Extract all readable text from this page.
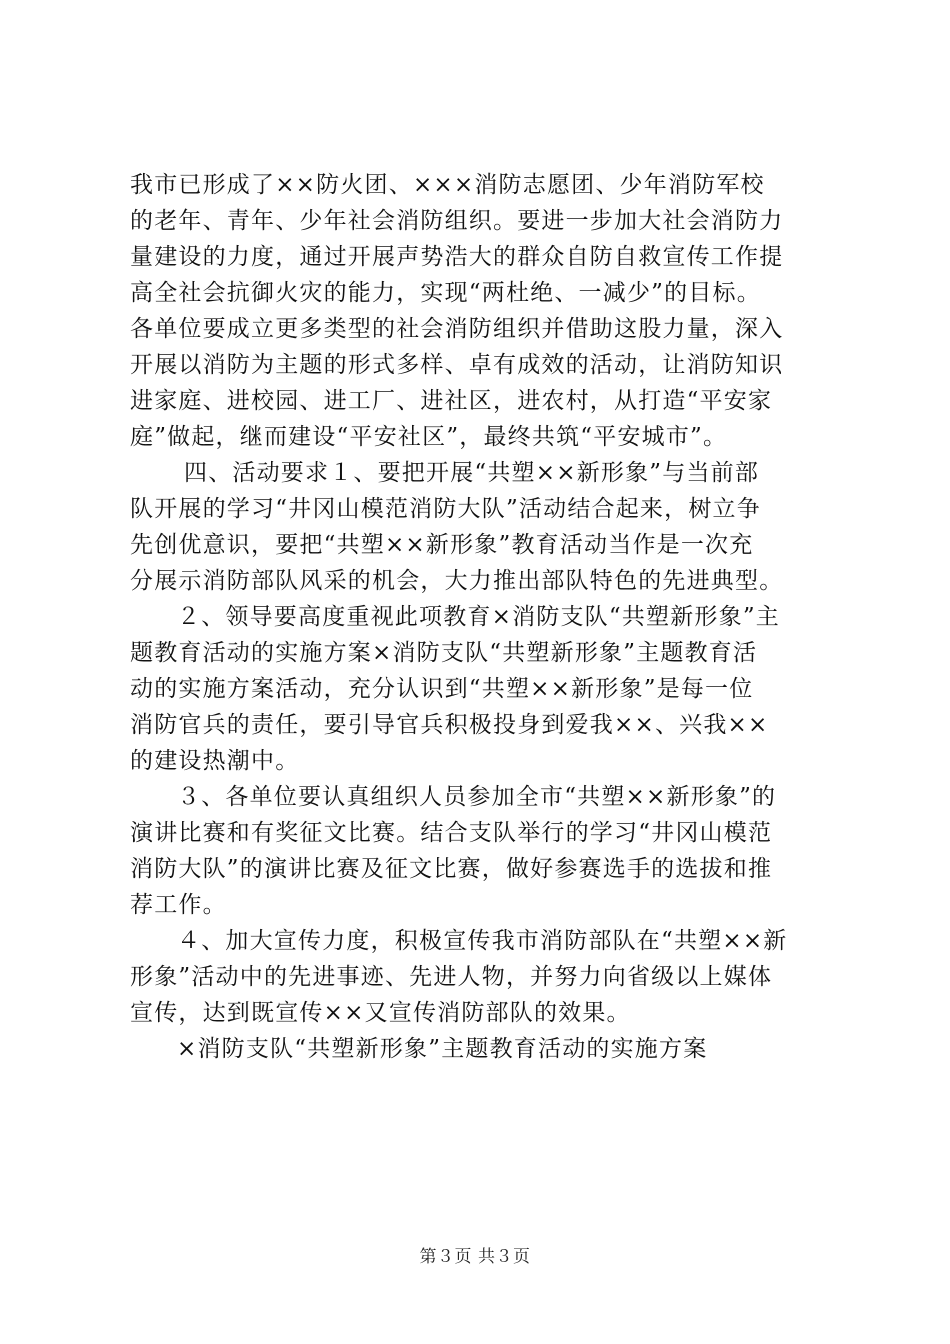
我市已形成了××防火团、×××消防志愿团、少年消防军校
的老年、青年、少年社会消防组织。要进一步加大社会消防力
量建设的力度，通过开展声势浩大的群众自防自救宣传工作提
高全社会抗御火灾的能力，实现“两杜绝、一减少”的目标。
各单位要成立更多类型的社会消防组织并借助这股力量，深入
开展以消防为主题的形式多样、卓有成效的活动，让消防知识
进家庭、进校园、进工厂、进社区，进农村，从打造“平安家
庭”做起，继而建设“平安社区”，最终共筑“平安城市”。
四、活动要求１、要把开展“共塑××新形象”与当前部
队开展的学习“井冈山模范消防大队”活动结合起来，树立争
先创优意识，要把“共塑××新形象”教育活动当作是一次充
分展示消防部队风采的机会，大力推出部队特色的先进典型。
２、领导要高度重视此项教育×消防支队“共塑新形象”主
题教育活动的实施方案×消防支队“共塑新形象”主题教育活
动的实施方案活动，充分认识到“共塑××新形象”是每一位
消防官兵的责任，要引导官兵积极投身到爱我××、兴我××
的建设热潮中。
３、各单位要认真组织人员参加全市“共塑××新形象”的
演讲比赛和有奖征文比赛。结合支队举行的学习“井冈山模范
消防大队”的演讲比赛及征文比赛，做好参赛选手的选拔和推
荐工作。
４、加大宣传力度，积极宣传我市消防部队在“共塑××新
形象”活动中的先进事迹、先进人物，并努力向省级以上媒体
宣传，达到既宣传××又宣传消防部队的效果。
×消防支队“共塑新形象”主题教育活动的实施方案
第３页 共３页
